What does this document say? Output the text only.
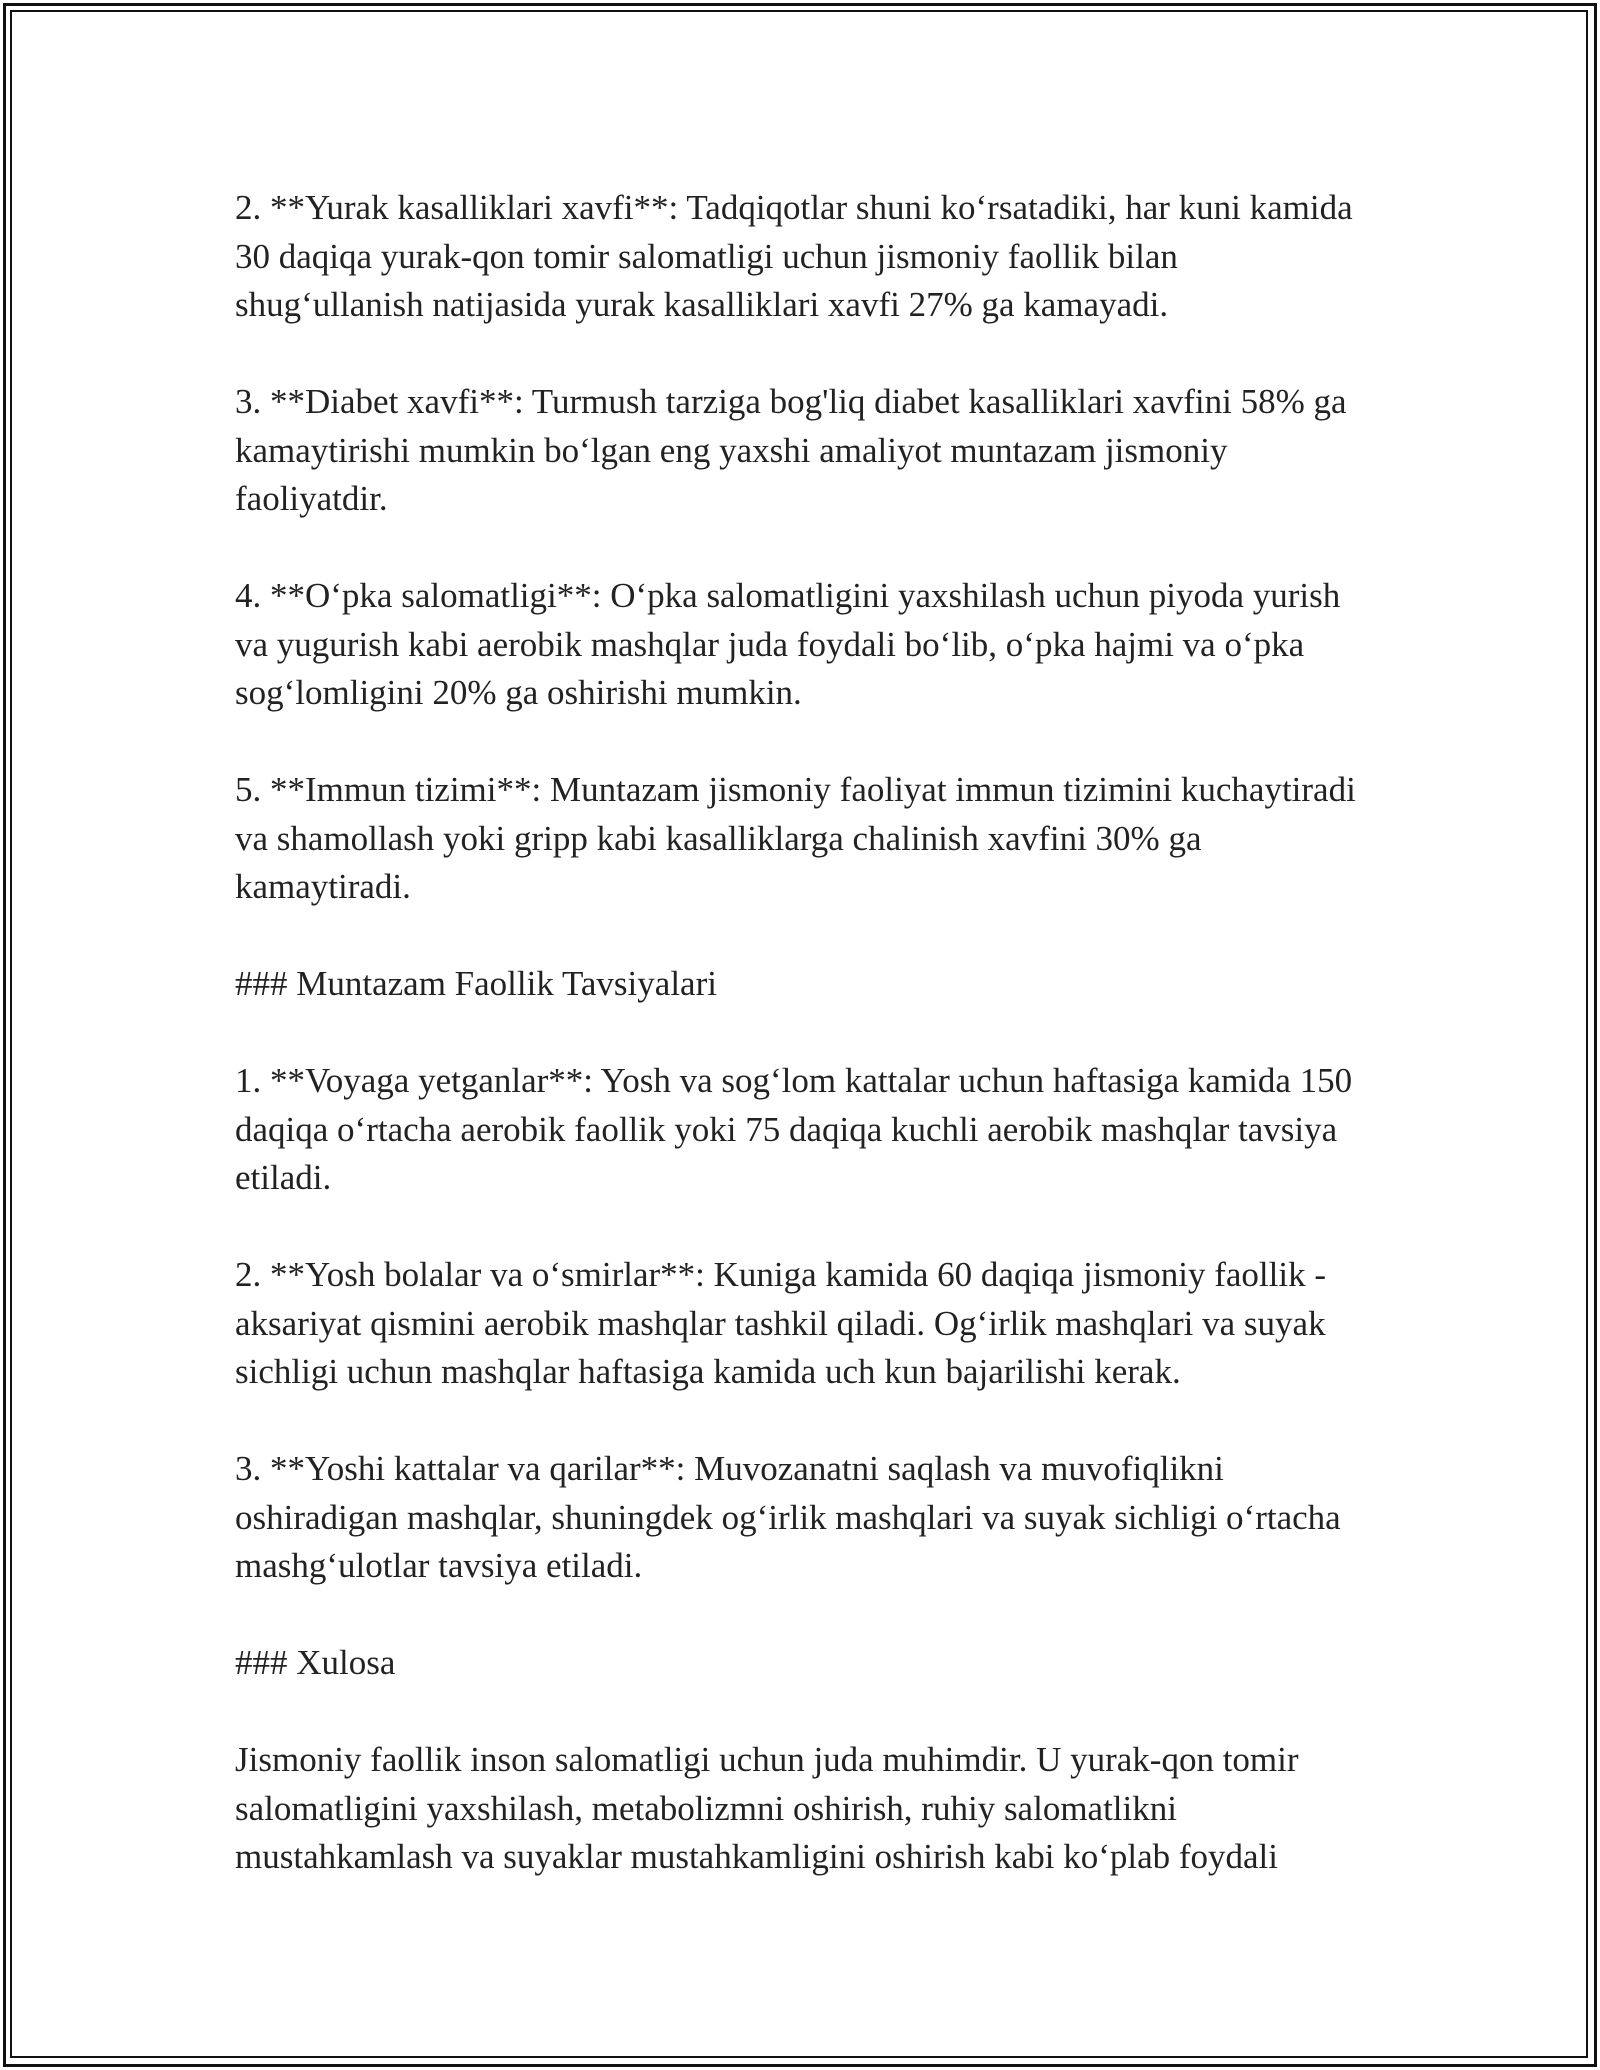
2. **Yurak kasalliklari xavfi**: Tadqiqotlar shuni ko‘rsatadiki, har kuni kamida 30 daqiqa yurak-qon tomir salomatligi uchun jismoniy faollik bilan shug‘ullanish natijasida yurak kasalliklari xavfi 27% ga kamayadi.

3. **Diabet xavfi**: Turmush tarziga bog'liq diabet kasalliklari xavfini 58% ga kamaytirishi mumkin bo‘lgan eng yaxshi amaliyot muntazam jismoniy faoliyatdir.

4. **O‘pka salomatligi**: O‘pka salomatligini yaxshilash uchun piyoda yurish va yugurish kabi aerobik mashqlar juda foydali bo‘lib, o‘pka hajmi va o‘pka sog‘lomligini 20% ga oshirishi mumkin.

5. **Immun tizimi**: Muntazam jismoniy faoliyat immun tizimini kuchaytiradi va shamollash yoki gripp kabi kasalliklarga chalinish xavfini 30% ga kamaytiradi.

### Muntazam Faollik Tavsiyalari

1. **Voyaga yetganlar**: Yosh va sog‘lom kattalar uchun haftasiga kamida 150 daqiqa o‘rtacha aerobik faollik yoki 75 daqiqa kuchli aerobik mashqlar tavsiya etiladi.

2. **Yosh bolalar va o‘smirlar**: Kuniga kamida 60 daqiqa jismoniy faollik - aksariyat qismini aerobik mashqlar tashkil qiladi. Og‘irlik mashqlari va suyak sichligi uchun mashqlar haftasiga kamida uch kun bajarilishi kerak.

3. **Yoshi kattalar va qarilar**: Muvozanatni saqlash va muvofiqlikni oshiradigan mashqlar, shuningdek og‘irlik mashqlari va suyak sichligi o‘rtacha mashg‘ulotlar tavsiya etiladi.

### Xulosa

Jismoniy faollik inson salomatligi uchun juda muhimdir. U yurak-qon tomir salomatligini yaxshilash, metabolizmni oshirish, ruhiy salomatlikni mustahkamlash va suyaklar mustahkamligini oshirish kabi ko‘plab foydali
